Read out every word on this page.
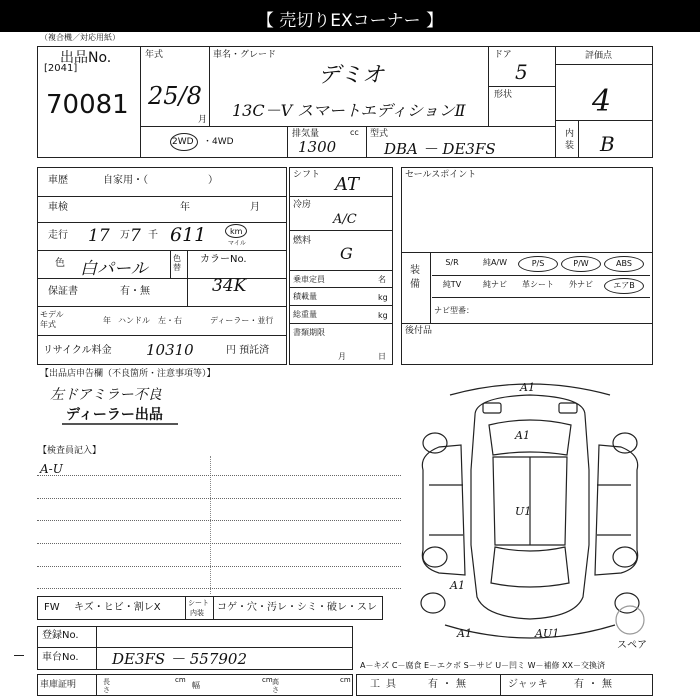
【 売切りEXコーナー 】
（複合機／対応用紙）
出品No.
[2041]
70081
年式
25/8
月
車名・グレード
デミオ
13C－V スマートエディションⅡ
ドア
5
形状
評価点
4
内装 B
2WD ・4WD
排気量	cc
1300
型式
DBA － DE3FS
車歴	自家用・（　　　　　　）
車検	年	月
走行 17 万 7 千 611	km
マイル
色 白パール
色替
カラーNo.
34K
保証書	有・無
モデル
年式	年 ハンドル　左・右	ディーラー・並行
リサイクル料金 10310	円 預託済
シフト AT
冷房
A/C
燃料
G
乗車定員	名
積載量	kg
総重量	kg
書類期限
月	日
セールスポイント
装備
S/R	純A/W	P/S	P/W	ABS
純TV	純ナビ	革シート	外ナビ	エアB
ナビ型番：
後付品
【出品店申告欄（不良箇所・注意事項等）】
左ドアミラー不良
ディーラー出品
【検査員記入】
A-U
FW キズ・ヒビ・割レX	シート
内装 コゲ・穴・汚レ・シミ・破レ・スレ
登録No.
車台No. DE3FS － 557902
車庫証明	長さ
cm
幅
cm 高さ
cm
A－キズ C－腐食 E－エクボ S－サビ U－凹ミ W－補修 XX－交換済
工具	有・無	ジャッキ	有・無
A1
A1
U1
A1
A1	AU1
スペア
